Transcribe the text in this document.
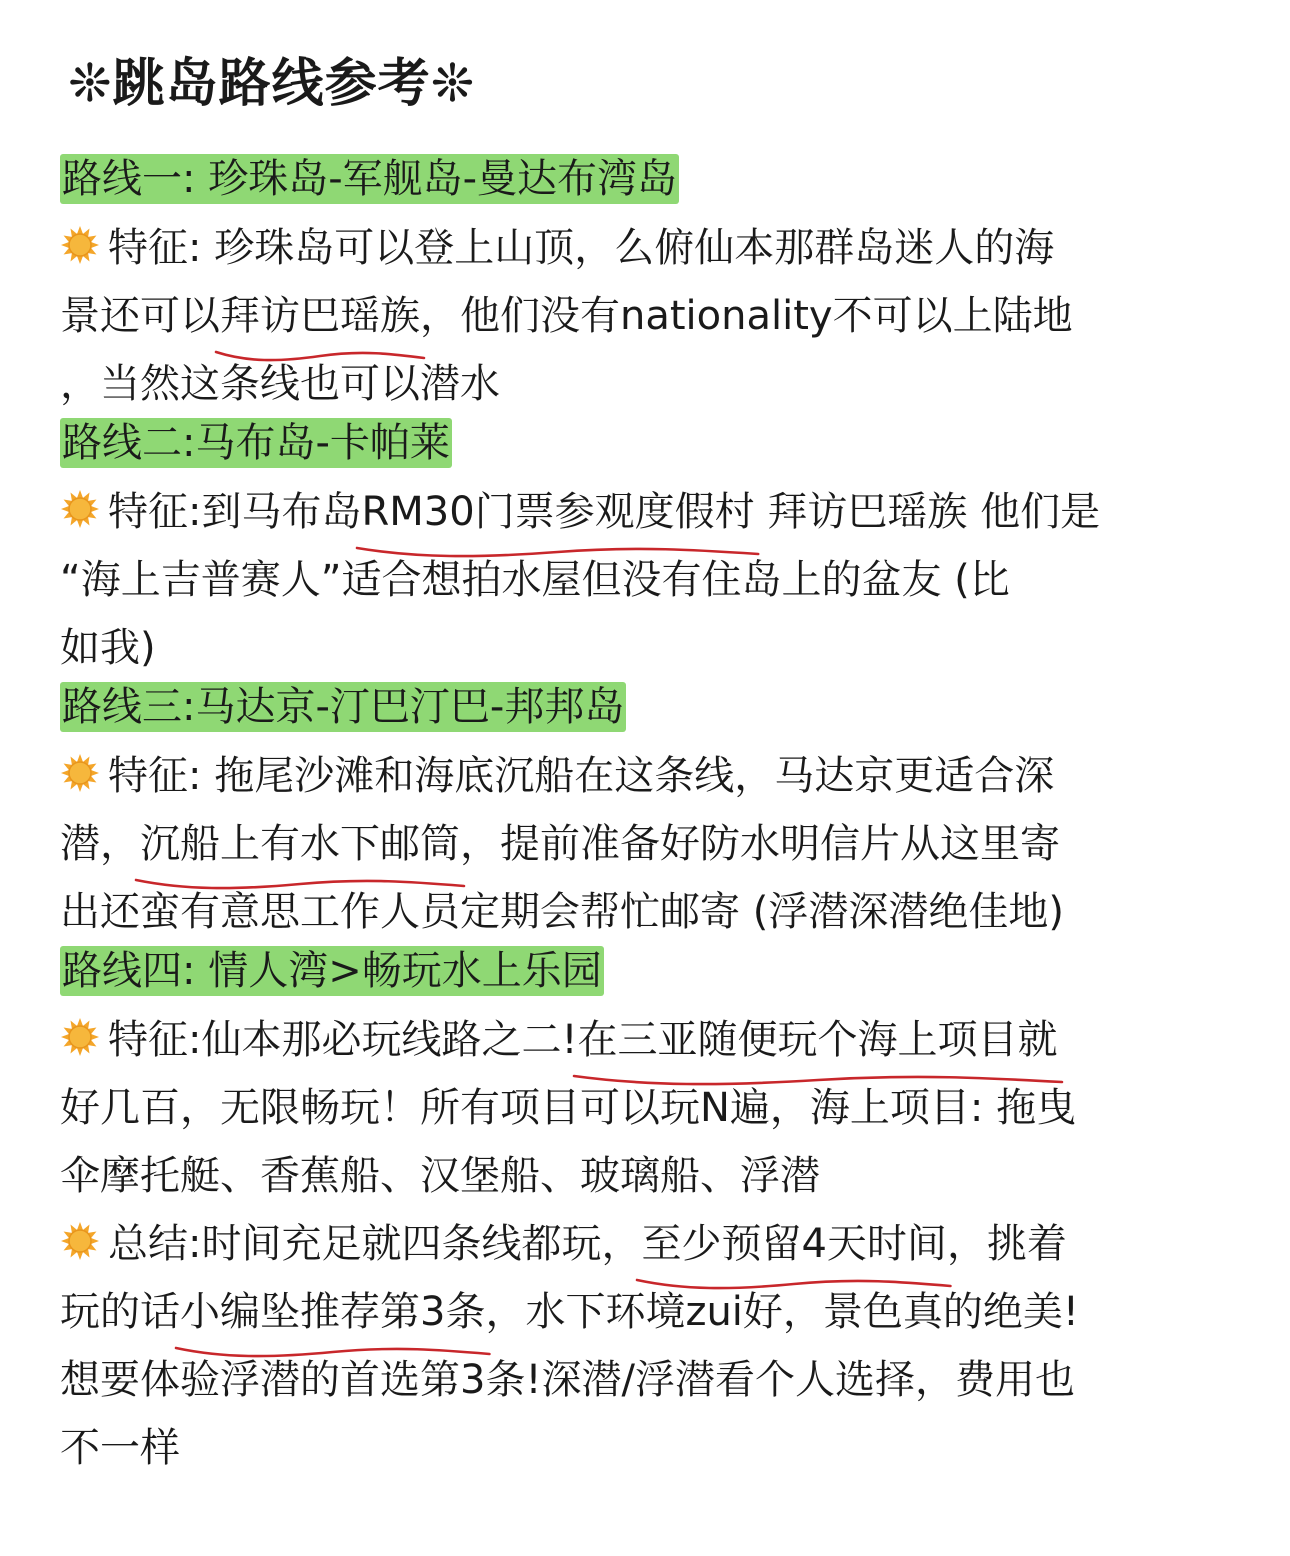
❊跳岛路线参考❊
路线一: 珍珠岛-军舰岛-曼达布湾岛
特征: 珍珠岛可以登上山顶，么俯仙本那群岛迷人的海
景还可以拜访巴瑶族
，他们没有nationality不可以上陆地
，当然这条线也可以潜水
路线二:马布岛-卡帕莱
特征:到马布岛RM30门票参观度假村
拜访巴瑶族 他们是
“海上吉普赛人”适合想拍水屋但没有住岛上的盆友 (比
如我)
路线三:马达京-汀巴汀巴-邦邦岛
特征: 拖尾沙滩和海底沉船在这条线，马达京更适合深
潜，沉船上有水下邮筒
，提前准备好防水明信片从这里寄
出还蛮有意思工作人员定期会帮忙邮寄 (浮潜深潜绝佳地)
路线四: 情人湾>畅玩水上乐园
特征:仙本那必玩线路之二!在三亚随便玩个海上项目就
好几百，无限畅玩！所有项目可以玩N遍，海上项目: 拖曳
伞摩托艇、香蕉船、汉堡船、玻璃船、浮潜
总结:时间充足就四条线都玩，至少预留4天时间
，挑着
玩的话小编坠推荐第3条
，水下环境zui好，景色真的绝美!
想要体验浮潜的首选第3条!深潜/浮潜看个人选择，费用也
不一样
